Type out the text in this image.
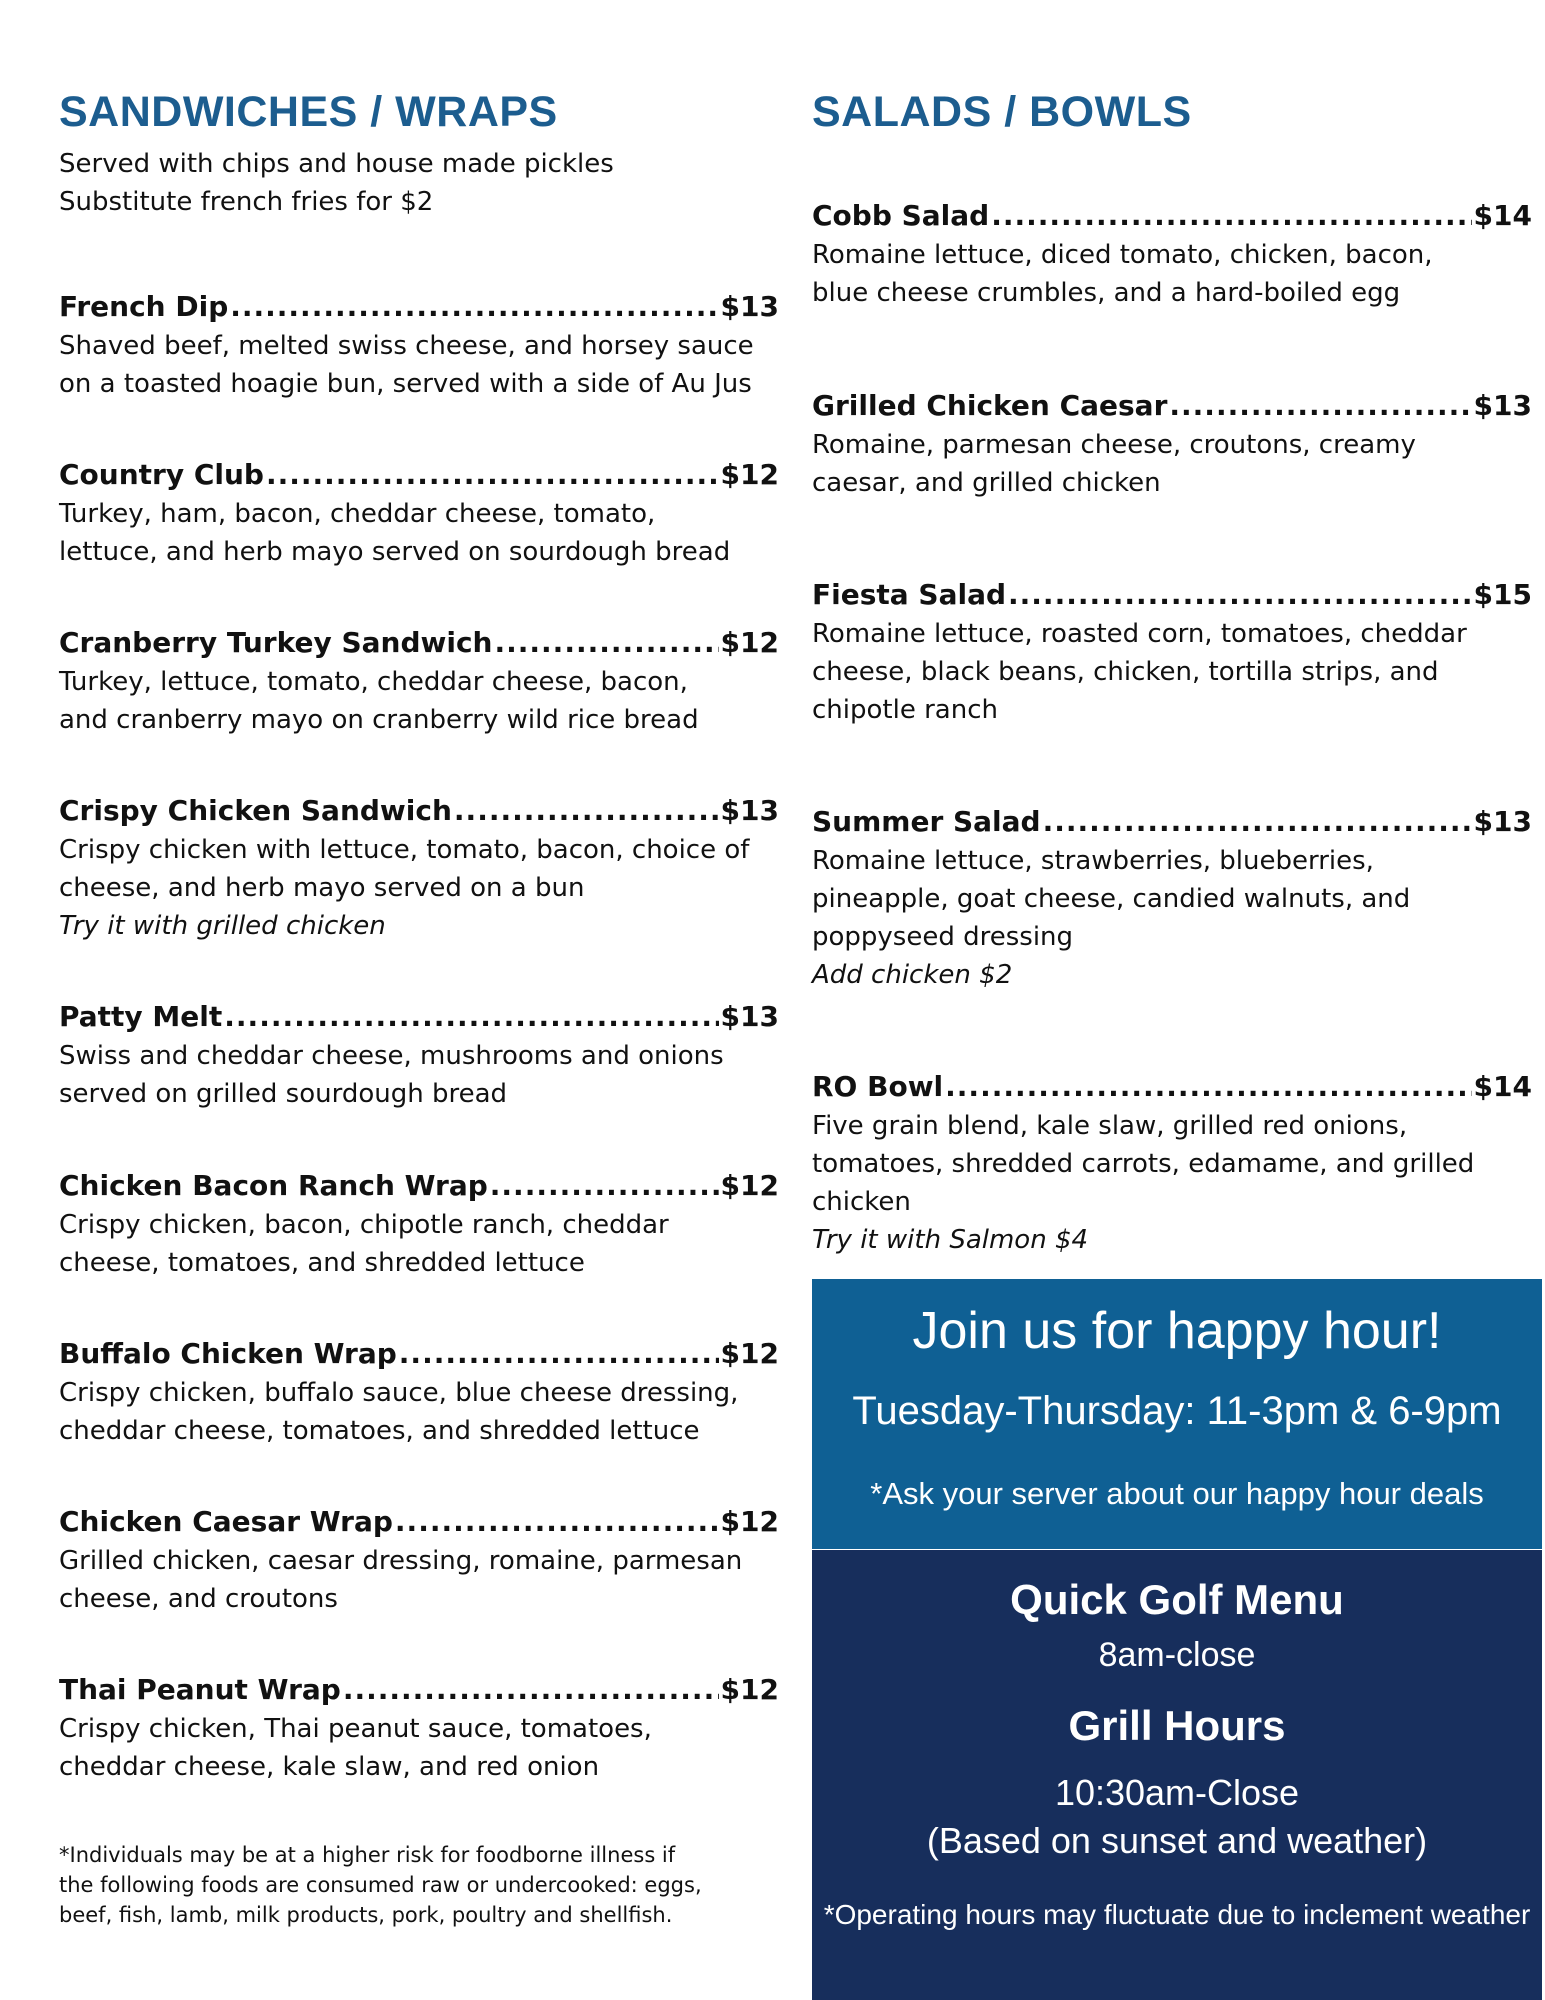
SANDWICHES / WRAPS
Served with chips and house made pickles
Substitute french fries for $2
French Dip .....	$13
Shaved beef, melted swiss cheese, and horsey sauce
on a toasted hoagie bun, served with a side of Au Jus
Country Club .....	$12
Turkey, ham, bacon, cheddar cheese, tomato,
lettuce, and herb mayo served on sourdough bread
Cranberry Turkey Sandwich .....	$12
Turkey, lettuce, tomato, cheddar cheese, bacon,
and cranberry mayo on cranberry wild rice bread
Crispy Chicken Sandwich .....	$13
Crispy chicken with lettuce, tomato, bacon, choice of
cheese, and herb mayo served on a bun
Try it with grilled chicken
Patty Melt .....	$13
Swiss and cheddar cheese, mushrooms and onions
served on grilled sourdough bread
Chicken Bacon Ranch Wrap .....	$12
Crispy chicken, bacon, chipotle ranch, cheddar
cheese, tomatoes, and shredded lettuce
Buffalo Chicken Wrap .....	$12
Crispy chicken, buffalo sauce, blue cheese dressing,
cheddar cheese, tomatoes, and shredded lettuce
Chicken Caesar Wrap .....	$12
Grilled chicken, caesar dressing, romaine, parmesan
cheese, and croutons
Thai Peanut Wrap .....	$12
Crispy chicken, Thai peanut sauce, tomatoes,
cheddar cheese, kale slaw, and red onion
*Individuals may be at a higher risk for foodborne illness if
the following foods are consumed raw or undercooked: eggs,
beef, fish, lamb, milk products, pork, poultry and shellfish.
SALADS / BOWLS
Cobb Salad .....	$14
Romaine lettuce, diced tomato, chicken, bacon,
blue cheese crumbles, and a hard-boiled egg
Grilled Chicken Caesar .....	$13
Romaine, parmesan cheese, croutons, creamy
caesar, and grilled chicken
Fiesta Salad .....	$15
Romaine lettuce, roasted corn, tomatoes, cheddar
cheese, black beans, chicken, tortilla strips, and
chipotle ranch
Summer Salad .....	$13
Romaine lettuce, strawberries, blueberries,
pineapple, goat cheese, candied walnuts, and
poppyseed dressing
Add chicken $2
RO Bowl .....	$14
Five grain blend, kale slaw, grilled red onions,
tomatoes, shredded carrots, edamame, and grilled
chicken
Try it with Salmon $4
Join us for happy hour!
Tuesday-Thursday: 11-3pm & 6-9pm
*Ask your server about our happy hour deals
Quick Golf Menu
8am-close
Grill Hours
10:30am-Close
(Based on sunset and weather)
*Operating hours may fluctuate due to inclement weather
